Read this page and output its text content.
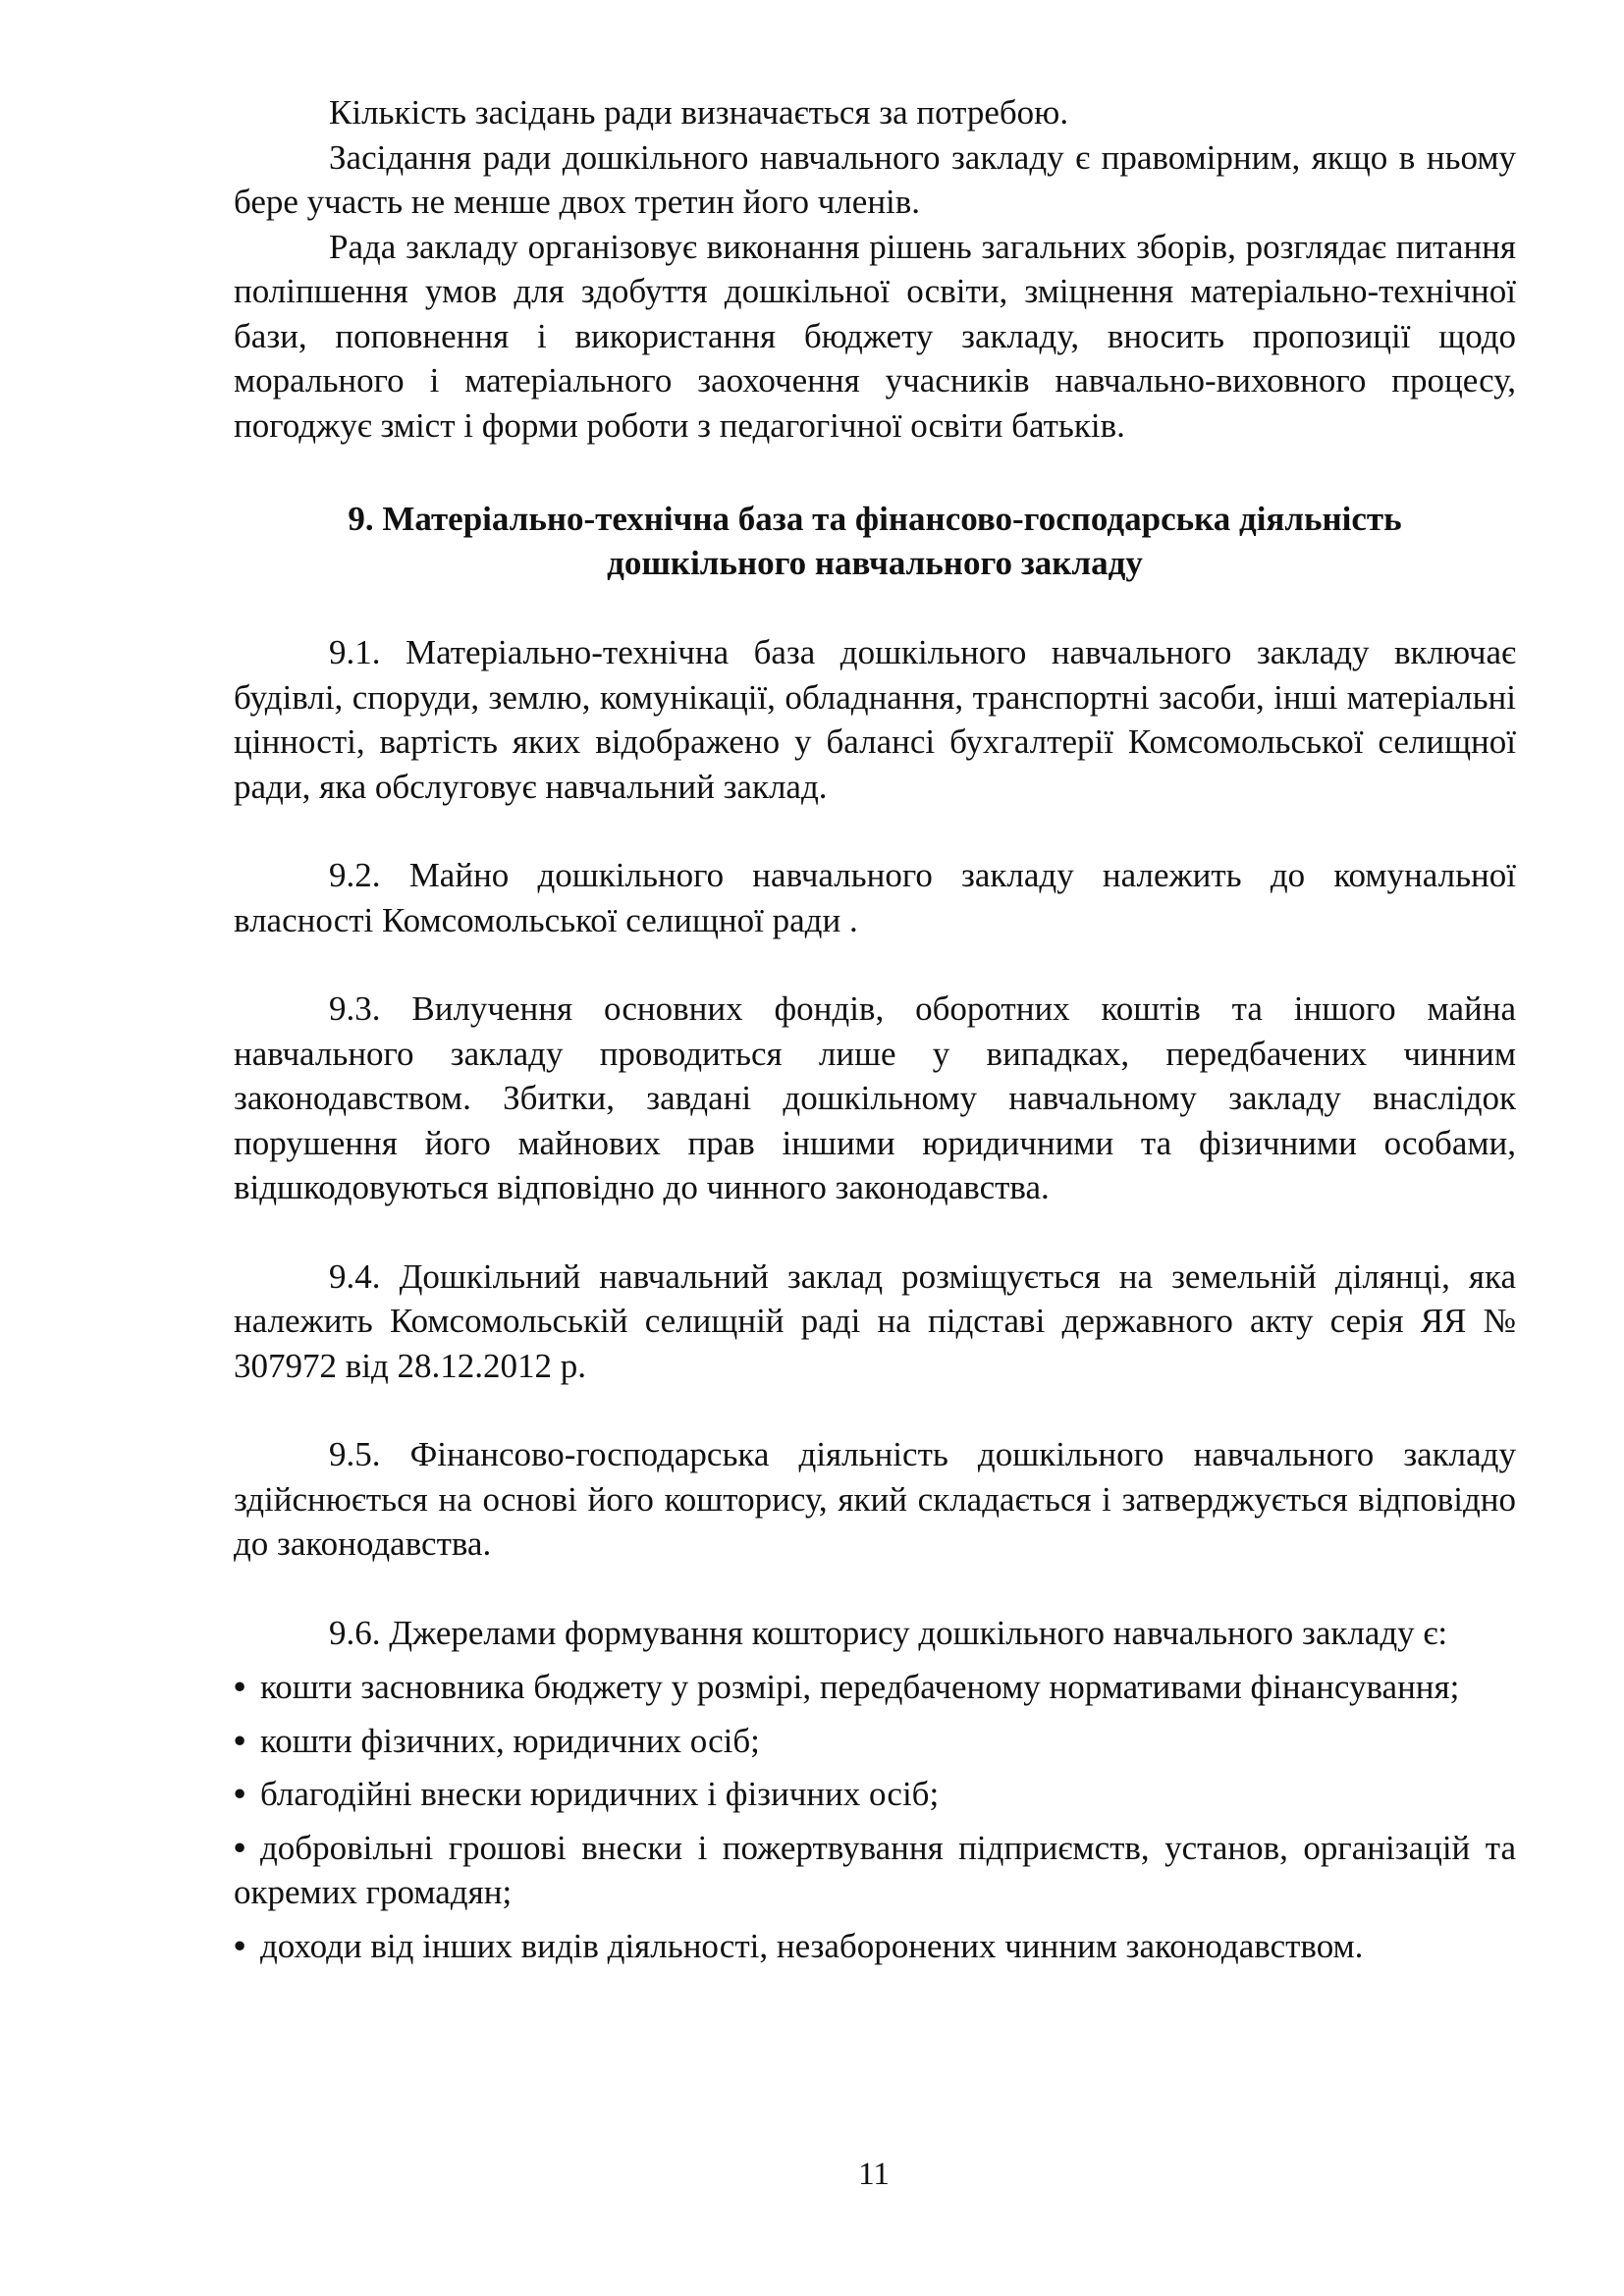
Кількість засідань ради визначається за потребою.

Засідання ради дошкільного навчального закладу є правомірним, якщо в ньому бере участь не менше двох третин його членів.

Рада закладу організовує виконання рішень загальних зборів, розглядає питання поліпшення умов для здобуття дошкільної освіти, зміцнення матеріально-технічної бази, поповнення і використання бюджету закладу, вносить пропозиції щодо морального і матеріального заохочення учасників навчально-виховного процесу, погоджує зміст і форми роботи з педагогічної освіти батьків.

9. Матеріально-технічна база та фінансово-господарська діяльність

дошкільного навчального закладу

9.1. Матеріально-технічна база дошкільного навчального закладу включає будівлі, споруди, землю, комунікації, обладнання, транспортні засоби, інші матеріальні цінності, вартість яких відображено у балансі бухгалтерії Комсомольської селищної ради, яка обслуговує навчальний заклад.

9.2. Майно дошкільного навчального закладу належить до комунальної власності Комсомольської селищної ради .

9.3. Вилучення основних фондів, оборотних коштів та іншого майна навчального закладу проводиться лише у випадках, передбачених чинним законодавством. Збитки, завдані дошкільному навчальному закладу внаслідок порушення його майнових прав іншими юридичними та фізичними особами, відшкодовуються відповідно до чинного законодавства.

9.4. Дошкільний навчальний заклад розміщується на земельній ділянці, яка належить Комсомольській селищній раді на підставі державного акту серія ЯЯ № 307972 від 28.12.2012 р.

9.5. Фінансово-господарська діяльність дошкільного навчального закладу здійснюється на основі його кошторису, який складається і затверджується відповідно до законодавства.

9.6. Джерелами формування кошторису дошкільного навчального закладу є:

• кошти засновника бюджету у розмірі, передбаченому нормативами фінансування;
• кошти фізичних, юридичних осіб;
• благодійні внески юридичних і фізичних осіб;
• добровільні грошові внески і пожертвування підприємств, установ, організацій та окремих громадян;
• доходи від інших видів діяльності, незаборонених чинним законодавством.
11
